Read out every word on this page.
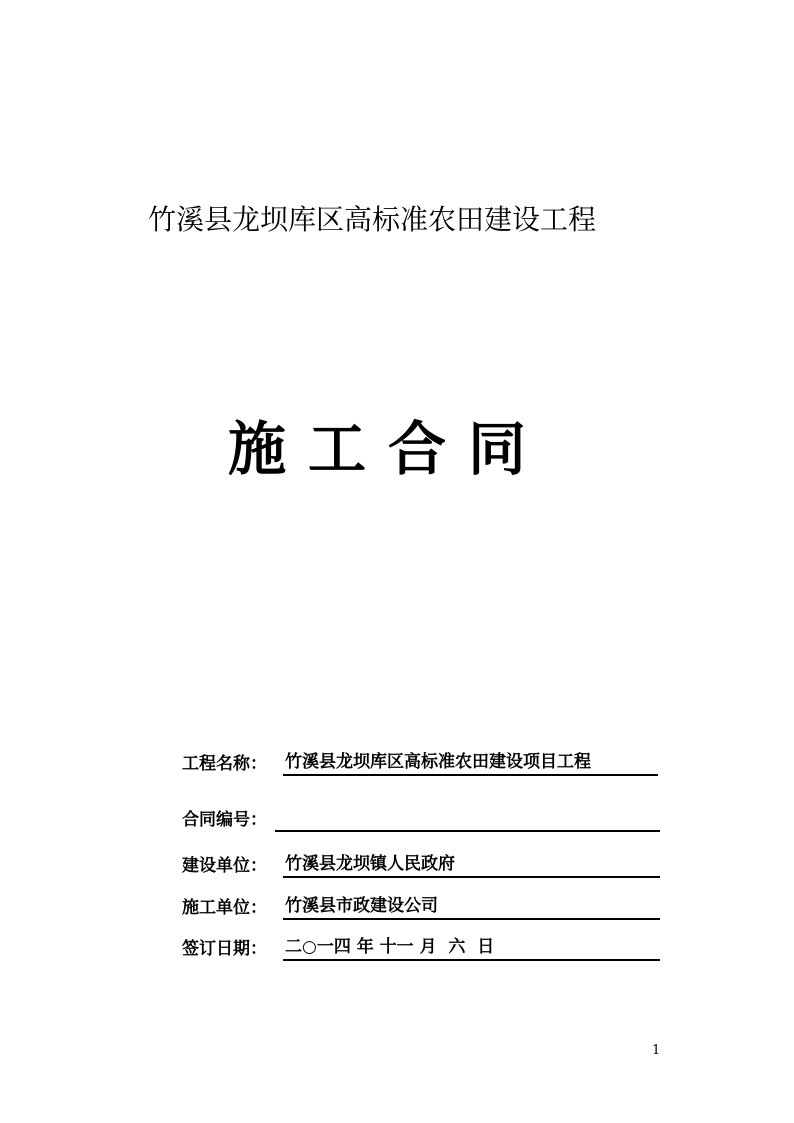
竹溪县龙坝库区高标准农田建设工程
施工合同
工程名称： 竹溪县龙坝库区高标准农田建设项目工程
合同编号：
建设单位： 竹溪县龙坝镇人民政府
施工单位： 竹溪县市政建设公司
签订日期： 二○一四 年 十一 月  六  日
1
